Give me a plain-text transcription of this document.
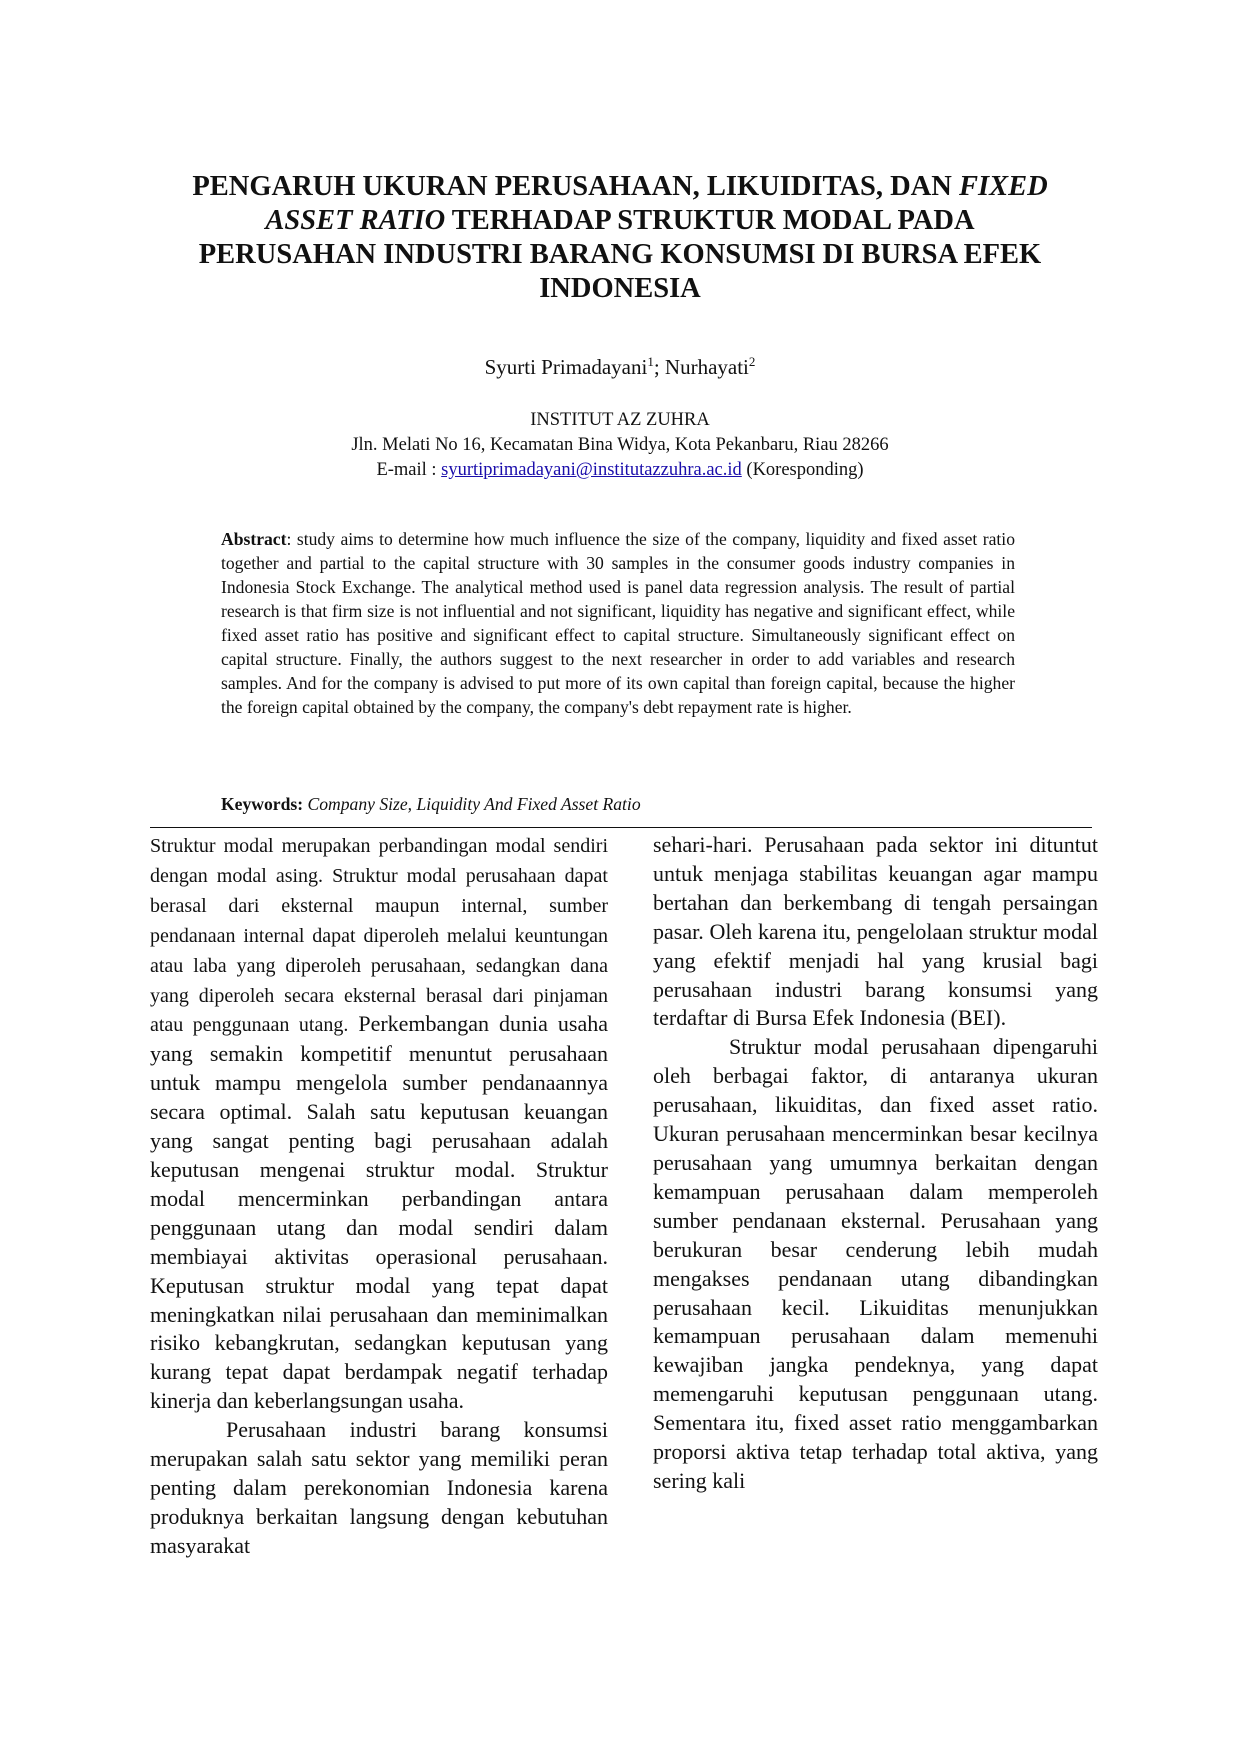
PENGARUH UKURAN PERUSAHAAN, LIKUIDITAS, DAN FIXED
ASSET RATIO TERHADAP STRUKTUR MODAL PADA
PERUSAHAN INDUSTRI BARANG KONSUMSI DI BURSA EFEK
INDONESIA
Syurti Primadayani$^1$; Nurhayati$^2$
INSTITUT AZ ZUHRA
Jln. Melati No 16, Kecamatan Bina Widya, Kota Pekanbaru, Riau 28266
E-mail : syurtiprimadayani@institutazzuhra.ac.id (Koresponding)
Abstract: study aims to determine how much influence the size of the company, liquidity and fixed asset ratio together and partial to the capital structure with 30 samples in the consumer goods industry companies in Indonesia Stock Exchange. The analytical method used is panel data regression analysis. The result of partial research is that firm size is not influential and not significant, liquidity has negative and significant effect, while fixed asset ratio has positive and significant effect to capital structure. Simultaneously significant effect on capital structure. Finally, the authors suggest to the next researcher in order to add variables and research samples. And for the company is advised to put more of its own capital than foreign capital, because the higher the foreign capital obtained by the company, the company's debt repayment rate is higher.
Keywords: Company Size, Liquidity And Fixed Asset Ratio

Struktur modal merupakan perbandingan modal sendiri dengan modal asing. Struktur modal perusahaan dapat berasal dari eksternal maupun internal, sumber pendanaan internal dapat diperoleh melalui keuntungan atau laba yang diperoleh perusahaan, sedangkan dana yang diperoleh secara eksternal berasal dari pinjaman atau penggunaan utang. Perkembangan dunia usaha yang semakin kompetitif menuntut perusahaan untuk mampu mengelola sumber pendanaannya secara optimal. Salah satu keputusan keuangan yang sangat penting bagi perusahaan adalah keputusan mengenai struktur modal. Struktur modal mencerminkan perbandingan antara penggunaan utang dan modal sendiri dalam membiayai aktivitas operasional perusahaan. Keputusan struktur modal yang tepat dapat meningkatkan nilai perusahaan dan meminimalkan risiko kebangkrutan, sedangkan keputusan yang kurang tepat dapat berdampak negatif terhadap kinerja dan keberlangsungan usaha.

Perusahaan industri barang konsumsi merupakan salah satu sektor yang memiliki peran penting dalam perekonomian Indonesia karena produknya berkaitan langsung dengan kebutuhan masyarakat

sehari-hari. Perusahaan pada sektor ini dituntut untuk menjaga stabilitas keuangan agar mampu bertahan dan berkembang di tengah persaingan pasar. Oleh karena itu, pengelolaan struktur modal yang efektif menjadi hal yang krusial bagi perusahaan industri barang konsumsi yang terdaftar di Bursa Efek Indonesia (BEI).

Struktur modal perusahaan dipengaruhi oleh berbagai faktor, di antaranya ukuran perusahaan, likuiditas, dan fixed asset ratio. Ukuran perusahaan mencerminkan besar kecilnya perusahaan yang umumnya berkaitan dengan kemampuan perusahaan dalam memperoleh sumber pendanaan eksternal. Perusahaan yang berukuran besar cenderung lebih mudah mengakses pendanaan utang dibandingkan perusahaan kecil. Likuiditas menunjukkan kemampuan perusahaan dalam memenuhi kewajiban jangka pendeknya, yang dapat memengaruhi keputusan penggunaan utang. Sementara itu, fixed asset ratio menggambarkan proporsi aktiva tetap terhadap total aktiva, yang sering kali
